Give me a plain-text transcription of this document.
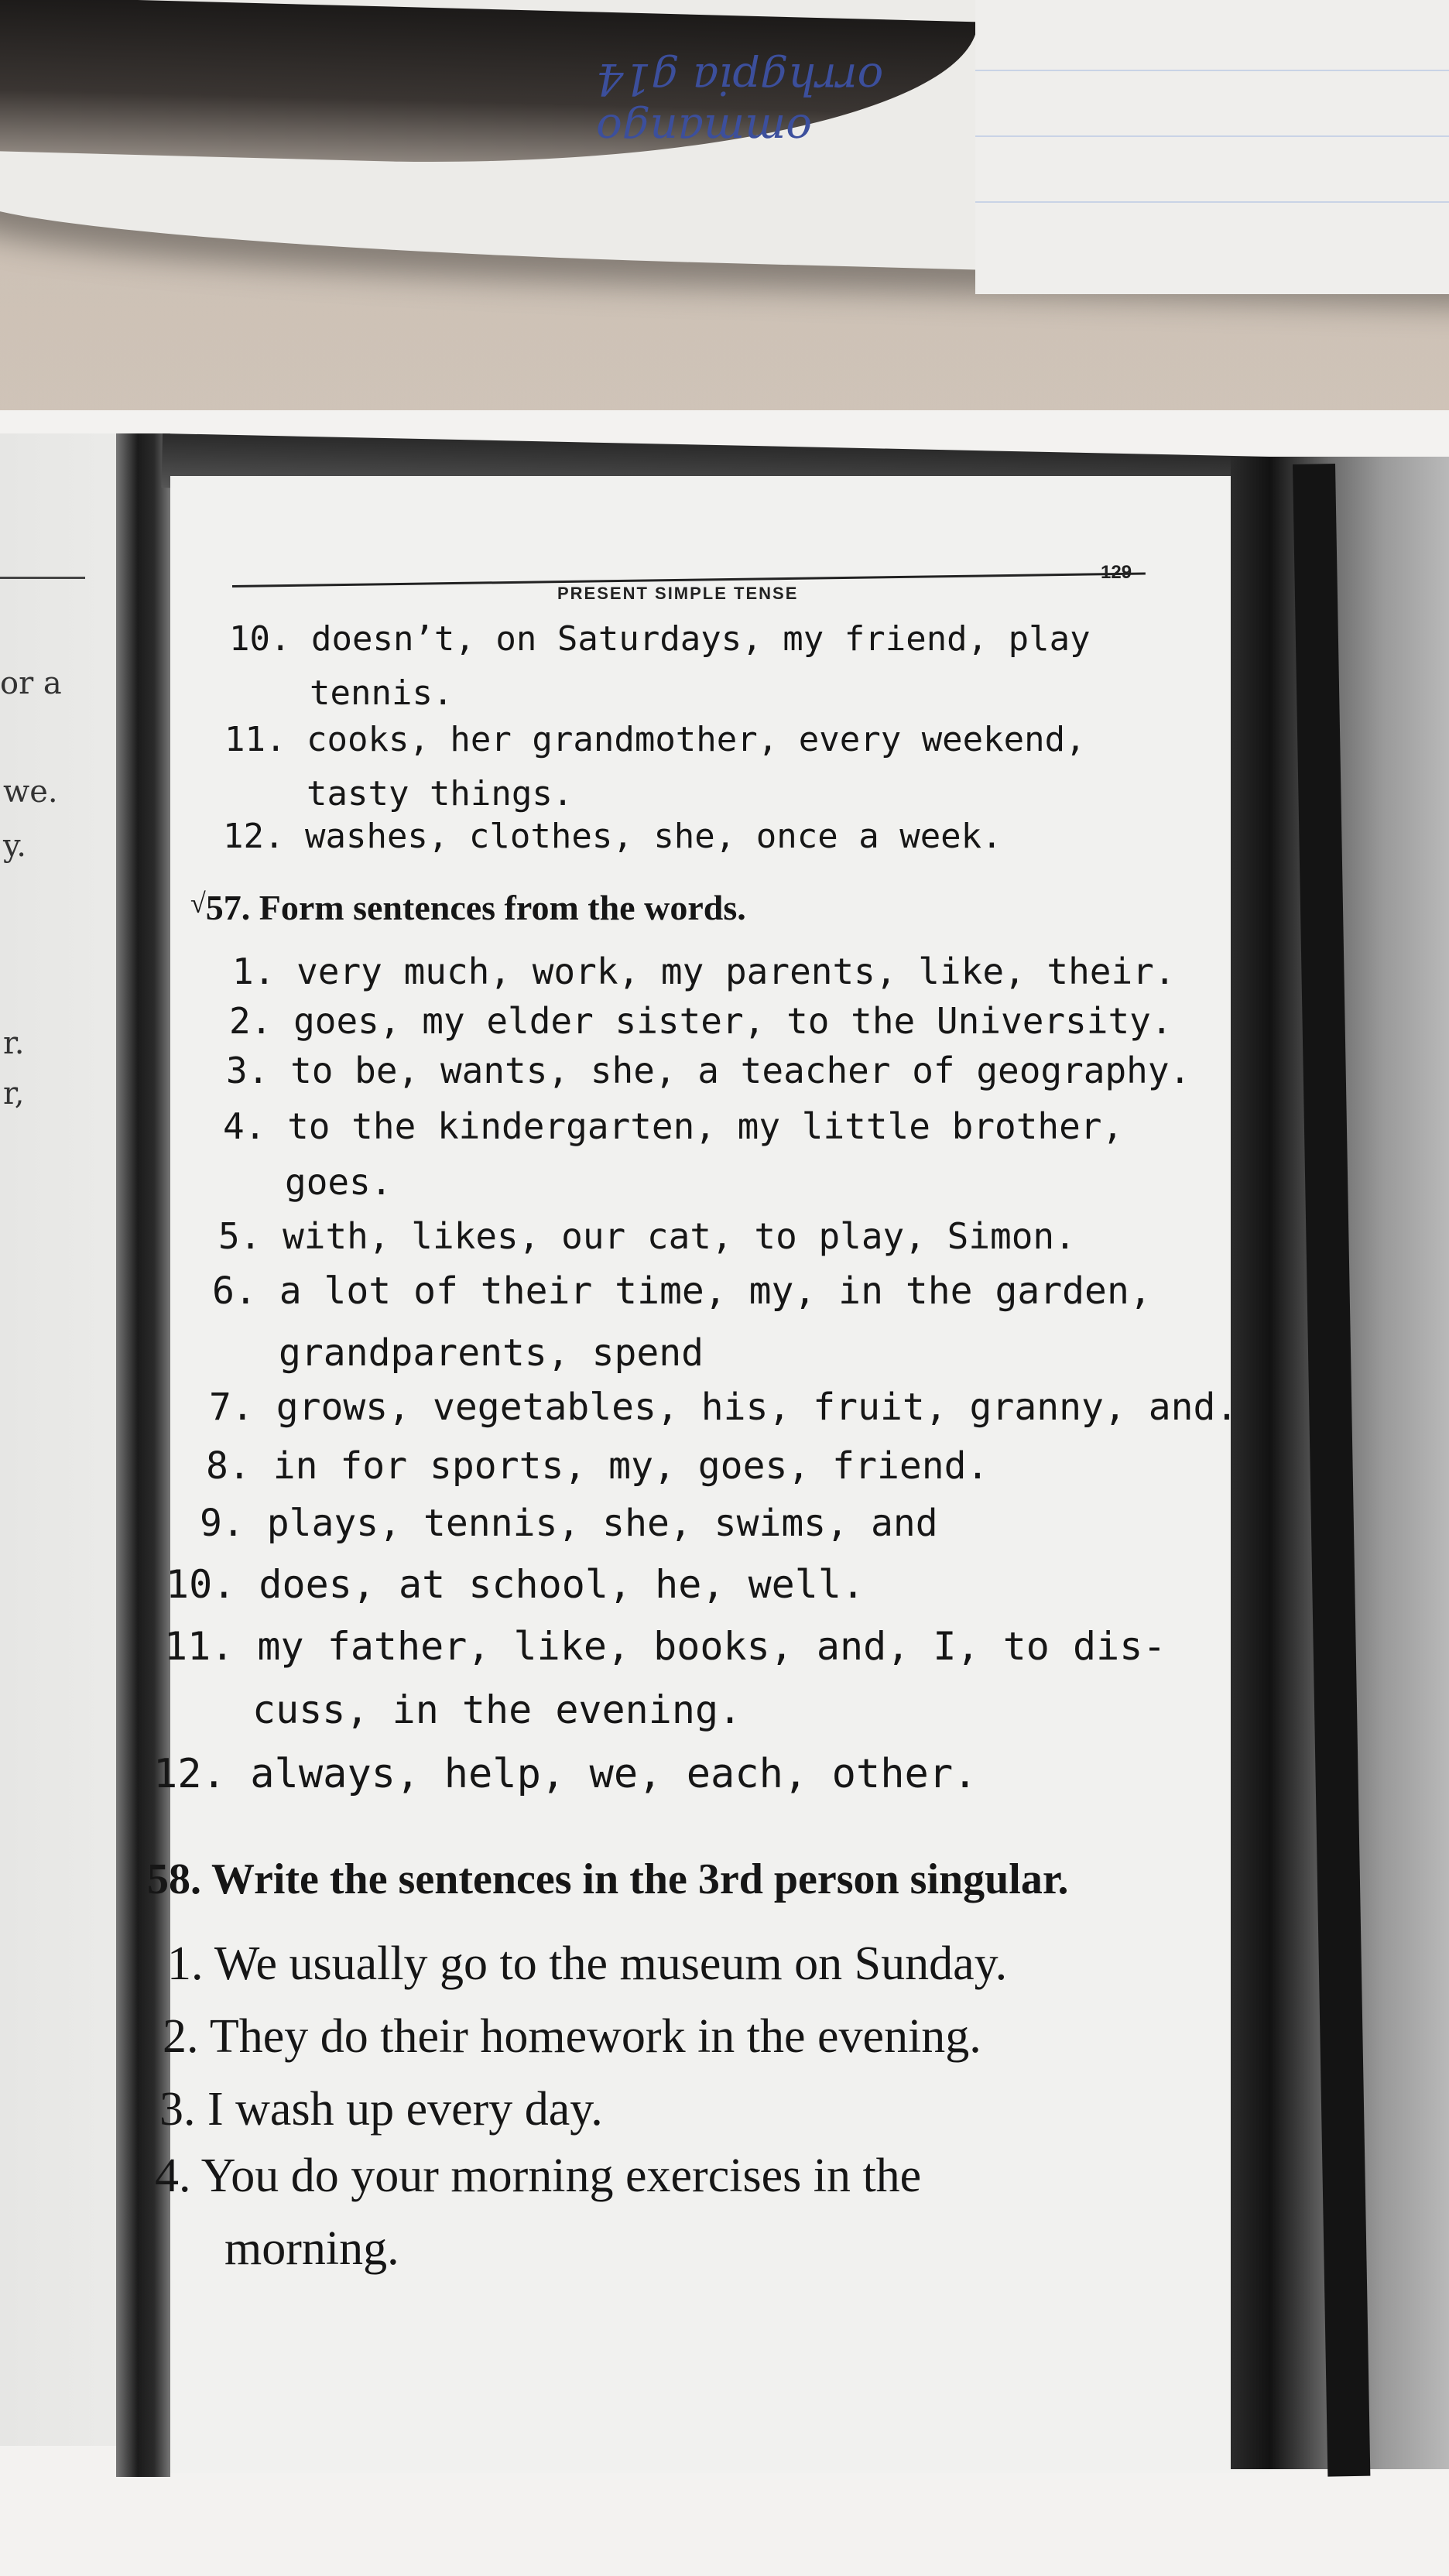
ommango
orrhgpia g14
or a
we.
y.
r.
r,
PRESENT SIMPLE TENSE
129
10. doesn’t, on Saturdays, my friend, play
tennis.
11. cooks, her grandmother, every weekend,
tasty things.
12. washes, clothes, she, once a week.
√57. Form sentences from the words.
1. very much, work, my parents, like, their.
2. goes, my elder sister, to the University.
3. to be, wants, she, a teacher of geography.
4. to the kindergarten, my little brother,
goes.
5. with, likes, our cat, to play, Simon.
6. a lot of their time, my, in the garden,
grandparents, spend
7. grows, vegetables, his, fruit, granny, and.
8. in for sports, my, goes, friend.
9. plays, tennis, she, swims, and
10. does, at school, he, well.
11. my father, like, books, and, I, to dis-
cuss, in the evening.
12. always, help, we, each, other.
58. Write the sentences in the 3rd person singular.
1. We usually go to the museum on Sunday.
2. They do their homework in the evening.
3. I wash up every day.
4. You do your morning exercises in the
morning.
